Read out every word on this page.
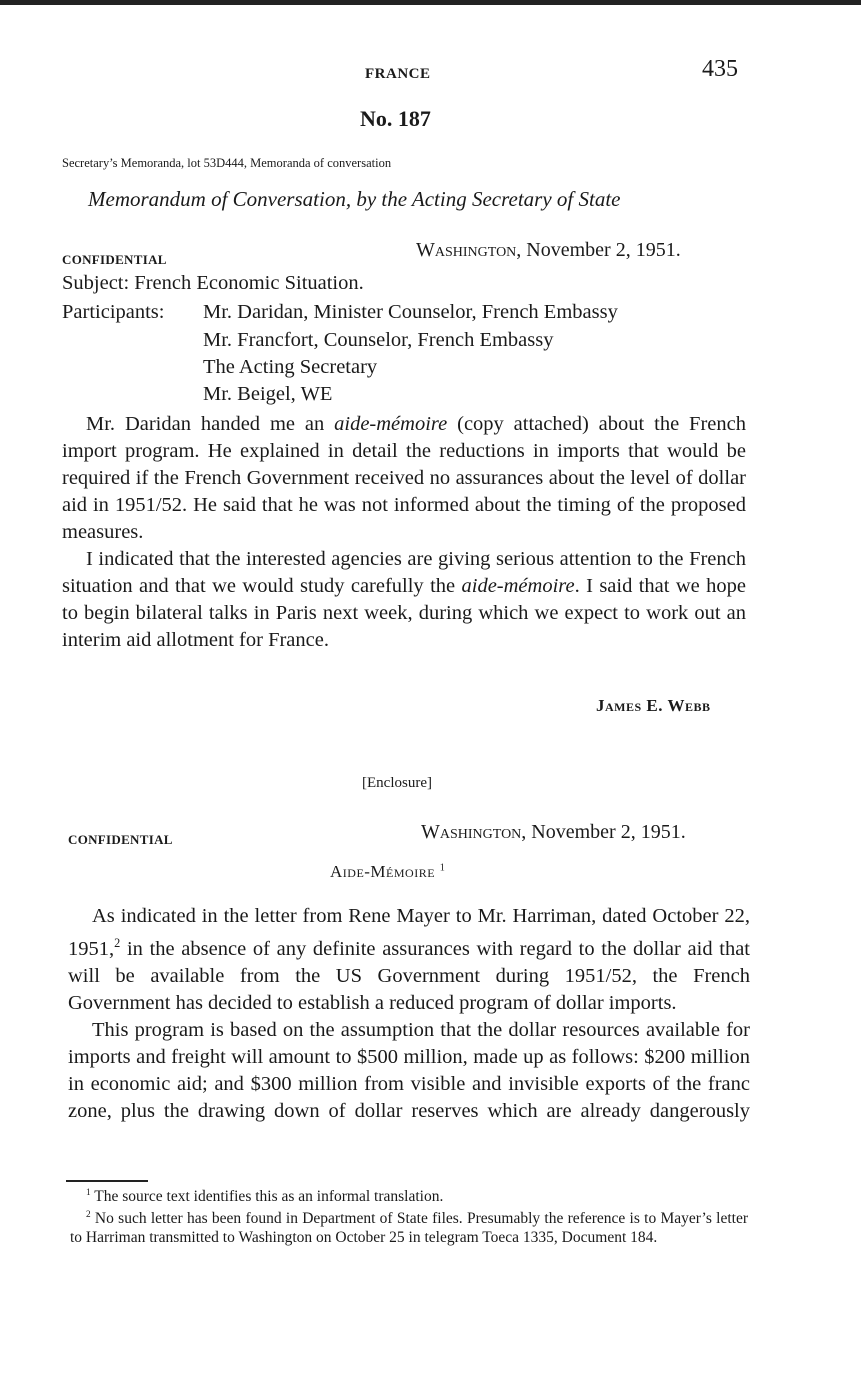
FRANCE	435
No. 187
Secretary’s Memoranda, lot 53D444, Memoranda of conversation
Memorandum of Conversation, by the Acting Secretary of State
CONFIDENTIAL	Washington, November 2, 1951.
Subject: French Economic Situation.
Participants: Mr. Daridan, Minister Counselor, French Embassy
Mr. Francfort, Counselor, French Embassy
The Acting Secretary
Mr. Beigel, WE

Mr. Daridan handed me an aide-mémoire (copy attached) about the French import program. He explained in detail the reductions in imports that would be required if the French Government received no assurances about the level of dollar aid in 1951/52. He said that he was not informed about the timing of the proposed measures.

I indicated that the interested agencies are giving serious attention to the French situation and that we would study carefully the aide-mémoire. I said that we hope to begin bilateral talks in Paris next week, during which we expect to work out an interim aid allotment for France.

James E. Webb
[Enclosure]
CONFIDENTIAL	Washington, November 2, 1951.
Aide-Mémoire $^1$

As indicated in the letter from Rene Mayer to Mr. Harriman, dated October 22, 1951,$^2$ in the absence of any definite assurances with regard to the dollar aid that will be available from the US Government during 1951/52, the French Government has decided to establish a reduced program of dollar imports.

This program is based on the assumption that the dollar resources available for imports and freight will amount to $500 million, made up as follows: $200 million in economic aid; and $300 million from visible and invisible exports of the franc zone, plus the drawing down of dollar reserves which are already dangerously

$^1$ The source text identifies this as an informal translation.

$^2$ No such letter has been found in Department of State files. Presumably the reference is to Mayer’s letter to Harriman transmitted to Washington on October 25 in telegram Toeca 1335, Document 184.
